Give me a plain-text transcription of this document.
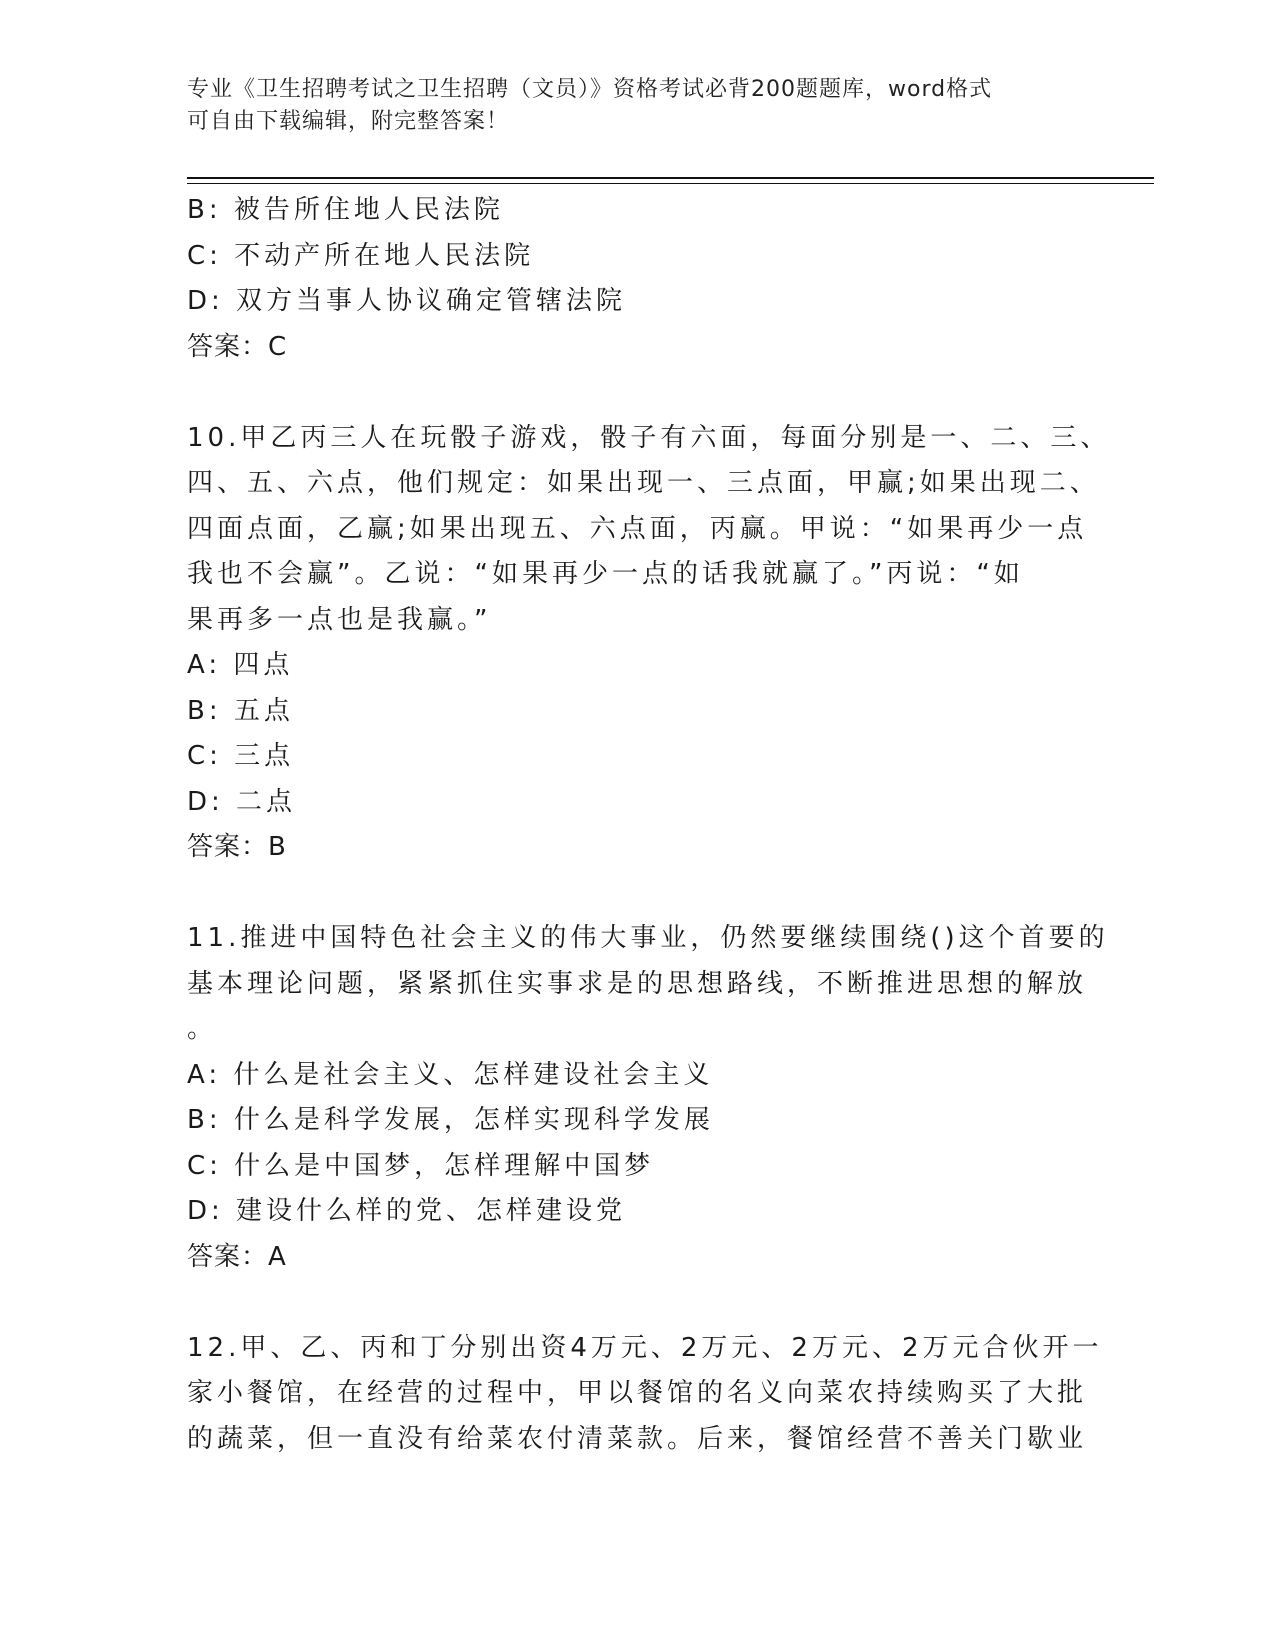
专业《卫生招聘考试之卫生招聘（文员）》资格考试必背200题题库，word格式
可自由下载编辑，附完整答案！
B: 被告所住地人民法院
C: 不动产所在地人民法院
D: 双方当事人协议确定管辖法院
答案：C
10.甲乙丙三人在玩骰子游戏，骰子有六面，每面分别是一、二、三、
四、五、六点，他们规定：如果出现一、三点面，甲赢;如果出现二、
四面点面，乙赢;如果出现五、六点面，丙赢。甲说：“如果再少一点
我也不会赢”。乙说：“如果再少一点的话我就赢了。”丙说：“如
果再多一点也是我赢。”
A: 四点
B: 五点
C: 三点
D: 二点
答案：B
11.推进中国特色社会主义的伟大事业，仍然要继续围绕()这个首要的
基本理论问题，紧紧抓住实事求是的思想路线，不断推进思想的解放
。
A: 什么是社会主义、怎样建设社会主义
B: 什么是科学发展，怎样实现科学发展
C: 什么是中国梦，怎样理解中国梦
D: 建设什么样的党、怎样建设党
答案：A
12.甲、乙、丙和丁分别出资4万元、2万元、2万元、2万元合伙开一
家小餐馆，在经营的过程中，甲以餐馆的名义向菜农持续购买了大批
的蔬菜，但一直没有给菜农付清菜款。后来，餐馆经营不善关门歇业
